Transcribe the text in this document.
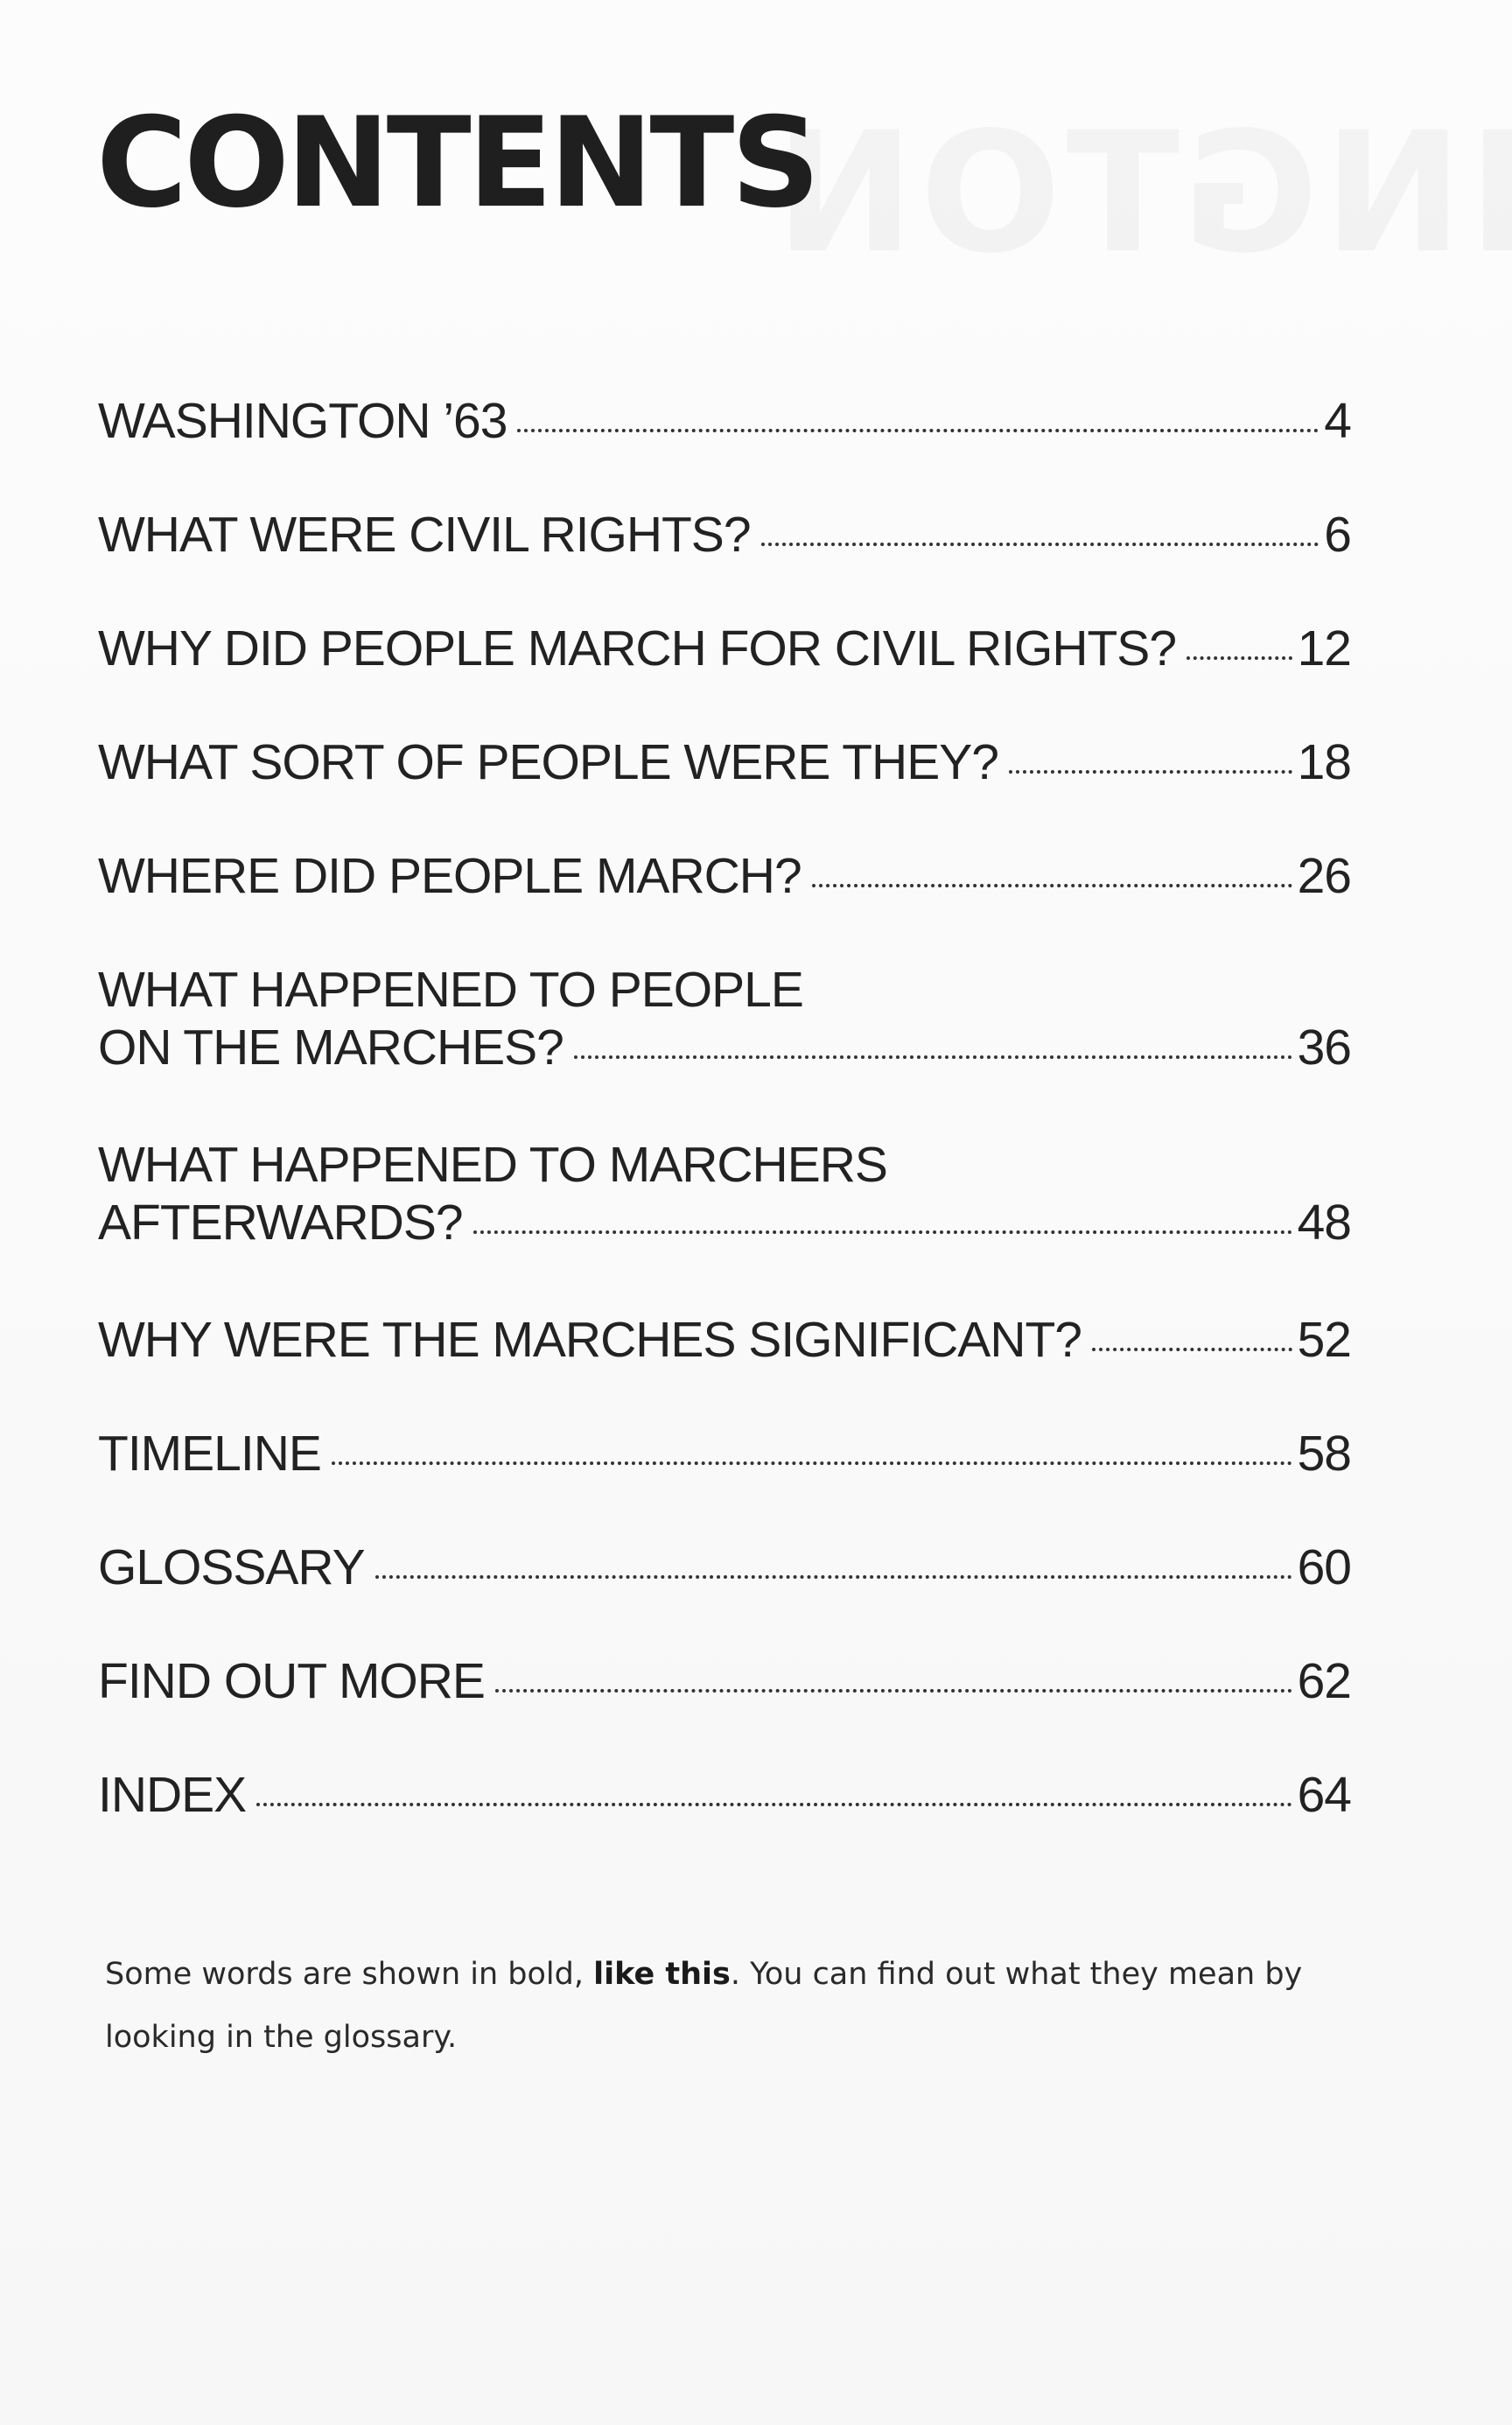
CONTENTS
WASHINGTON ’63	4
WHAT WERE CIVIL RIGHTS?	6
WHY DID PEOPLE MARCH FOR CIVIL RIGHTS? 12
WHAT SORT OF PEOPLE WERE THEY?	18
WHERE DID PEOPLE MARCH?	26
WHAT HAPPENED TO PEOPLE
ON THE MARCHES?	36
WHAT HAPPENED TO MARCHERS
AFTERWARDS?	48
WHY WERE THE MARCHES SIGNIFICANT?	52
TIMELINE	58
GLOSSARY	60
FIND OUT MORE	62
INDEX	64

Some words are shown in bold, like this. You can find out what they mean by looking in the glossary.
